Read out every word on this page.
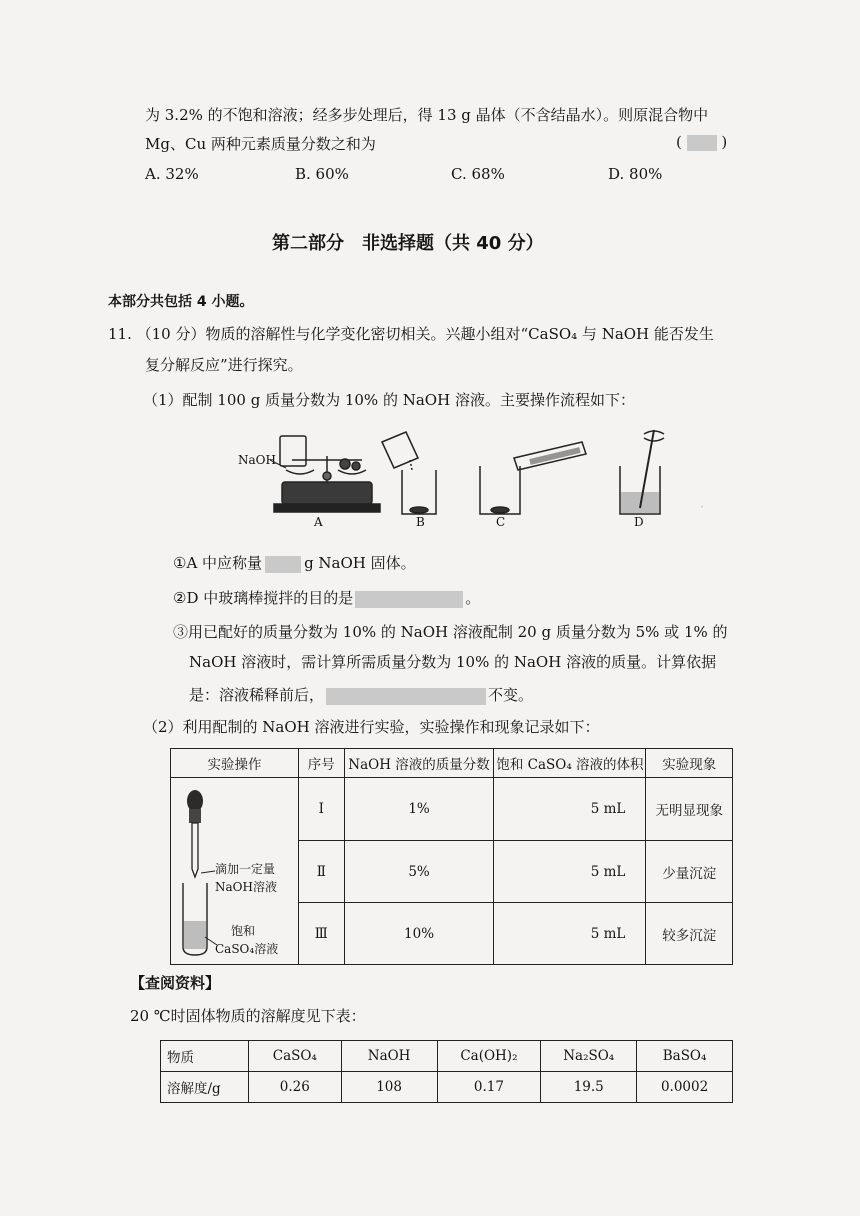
·
为 3.2% 的不饱和溶液；经多步处理后，得 13 g 晶体（不含结晶水）。则原混合物中
Mg、Cu 两种元素质量分数之和为	(	)
A. 32%	B. 60%	C. 68%	D. 80%
第二部分　非选择题（共 40 分）
本部分共包括 4 小题。
11. （10 分）物质的溶解性与化学变化密切相关。兴趣小组对“CaSO₄ 与 NaOH 能否发生
复分解反应”进行探究。
（1）配制 100 g 质量分数为 10% 的 NaOH 溶液。主要操作流程如下：
NaOH
A	B	C	D
①A 中应称量	g NaOH 固体。
②D 中玻璃棒搅拌的目的是	。
③用已配好的质量分数为 10% 的 NaOH 溶液配制 20 g 质量分数为 5% 或 1% 的
NaOH 溶液时，需计算所需质量分数为 10% 的 NaOH 溶液的质量。计算依据
是：溶液稀释前后，	不变。
（2）利用配制的 NaOH 溶液进行实验，实验操作和现象记录如下：
实验操作	序号	NaOH 溶液的质量分数	饱和 CaSO₄ 溶液的体积	实验现象

滴加一定量
NaOH溶液
饱和
CaSO₄溶液	Ⅰ	1%	5 mL	无明显现象
	Ⅱ	5%	5 mL	少量沉淀
	Ⅲ	10%	5 mL	较多沉淀
【查阅资料】
20 ℃时固体物质的溶解度见下表：
物质	CaSO₄	NaOH	Ca(OH)₂	Na₂SO₄	BaSO₄
溶解度/g	0.26	108	0.17	19.5	0.0002
